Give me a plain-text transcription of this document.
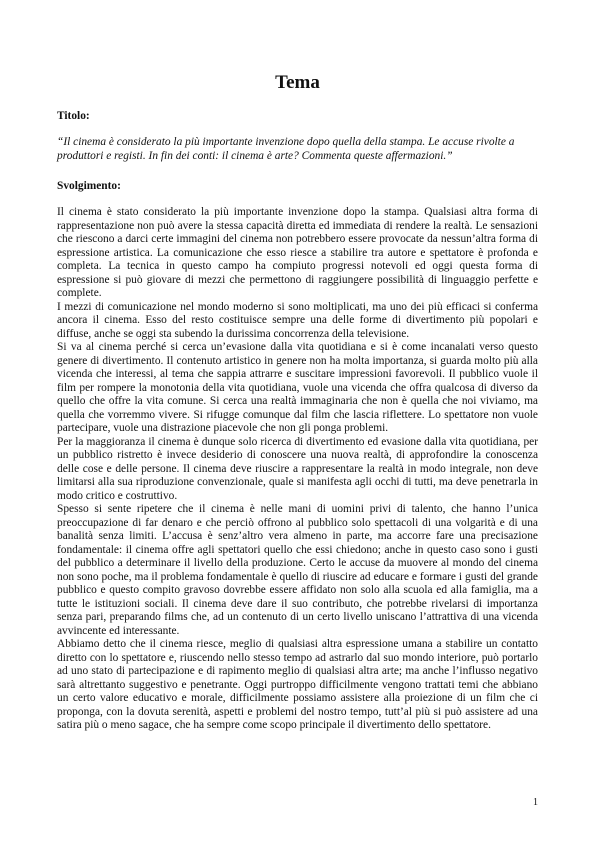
Tema
Titolo:
“Il cinema è considerato la più importante invenzione dopo quella della stampa. Le accuse rivolte a produttori e registi. In fin dei conti: il cinema è arte? Commenta queste affermazioni.”
Svolgimento:

Il cinema è stato considerato la più importante invenzione dopo la stampa. Qualsiasi altra forma di rappresentazione non può avere la stessa capacità diretta ed immediata di rendere la realtà. Le sensazioni che riescono a darci certe immagini del cinema non potrebbero essere provocate da nessun’altra forma di espressione artistica. La comunicazione che esso riesce a stabilire tra autore e spettatore è profonda e completa. La tecnica in questo campo ha compiuto progressi notevoli ed oggi questa forma di espressione si può giovare di mezzi che permettono di raggiungere possibilità di linguaggio perfette e complete.

I mezzi di comunicazione nel mondo moderno si sono moltiplicati, ma uno dei più efficaci si conferma ancora il cinema. Esso del resto costituisce sempre una delle forme di divertimento più popolari e diffuse, anche se oggi sta subendo la durissima concorrenza della televisione.

Si va al cinema perché si cerca un’evasione dalla vita quotidiana e si è come incanalati verso questo genere di divertimento. Il contenuto artistico in genere non ha molta importanza, si guarda molto più alla vicenda che interessi, al tema che sappia attrarre e suscitare impressioni favorevoli. Il pubblico vuole il film per rompere la monotonia della vita quotidiana, vuole una vicenda che offra qualcosa di diverso da quello che offre la vita comune. Si cerca una realtà immaginaria che non è quella che noi viviamo, ma quella che vorremmo vivere. Si rifugge comunque dal film che lascia riflettere. Lo spettatore non vuole partecipare, vuole una distrazione piacevole che non gli ponga problemi.

Per la maggioranza il cinema è dunque solo ricerca di divertimento ed evasione dalla vita quotidiana, per un pubblico ristretto è invece desiderio di conoscere una nuova realtà, di approfondire la conoscenza delle cose e delle persone. Il cinema deve riuscire a rappresentare la realtà in modo integrale, non deve limitarsi alla sua riproduzione convenzionale, quale si manifesta agli occhi di tutti, ma deve penetrarla in modo critico e costruttivo.

Spesso si sente ripetere che il cinema è nelle mani di uomini privi di talento, che hanno l’unica preoccupazione di far denaro e che perciò offrono al pubblico solo spettacoli di una volgarità e di una banalità senza limiti. L’accusa è senz’altro vera almeno in parte, ma accorre fare una precisazione fondamentale: il cinema offre agli spettatori quello che essi chiedono; anche in questo caso sono i gusti del pubblico a determinare il livello della produzione. Certo le accuse da muovere al mondo del cinema non sono poche, ma il problema fondamentale è quello di riuscire ad educare e formare i gusti del grande pubblico e questo compito gravoso dovrebbe essere affidato non solo alla scuola ed alla famiglia, ma a tutte le istituzioni sociali. Il cinema deve dare il suo contributo, che potrebbe rivelarsi di importanza senza pari, preparando films che, ad un contenuto di un certo livello uniscano l’attrattiva di una vicenda avvincente ed interessante.

Abbiamo detto che il cinema riesce, meglio di qualsiasi altra espressione umana a stabilire un contatto diretto con lo spettatore e, riuscendo nello stesso tempo ad astrarlo dal suo mondo interiore, può portarlo ad uno stato di partecipazione e di rapimento meglio di qualsiasi altra arte; ma anche l’influsso negativo sarà altrettanto suggestivo e penetrante. Oggi purtroppo difficilmente vengono trattati temi che abbiano un certo valore educativo e morale, difficilmente possiamo assistere alla proiezione di un film che ci proponga, con la dovuta serenità, aspetti e problemi del nostro tempo, tutt’al più si può assistere ad una satira più o meno sagace, che ha sempre come scopo principale il divertimento dello spettatore.

1
